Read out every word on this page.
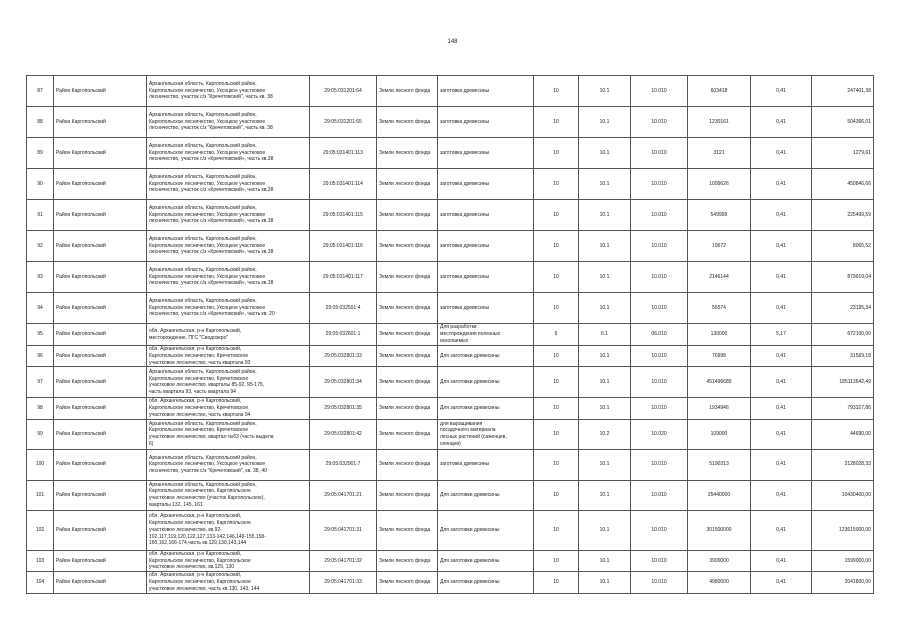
148
87	Район Каргопольский	Архангельская область, Каргопольский район,
Каргопольское лесничество, Уксоцкое участковое
лесничество, участок с/з "Кречетовский", часть кв. 38	29:05:031201:64	Земли лесного фонда	заготовка древесины	10	10.1	10.010	603418	0,41	247401,38
88	Район Каргопольский	Архангельская область, Каргопольский район,
Каргопольское лесничество, Уксоцкое участковое
лесничество, участок с/з "Кречетовский", часть кв. 38	29:05:031201:65	Земли лесного фонда	заготовка древесины	10	10.1	10.010	1230161	0,41	504366,01
89	Район Каргопольский	Архангельская область, Каргопольский район,
Каргопольское лесничество, Уксоцкое участковое
лесничество, участок с/з «Кречетовский», часть кв.38	29:05:031401:113	Земли лесного фонда	заготовка древесины	10	10.1	10.010	3121	0,41	1279,61
90	Район Каргопольский	Архангельская область, Каргопольский район,
Каргопольское лесничество, Уксоцкое участковое
лесничество, участок с/з «Кречетовский», часть кв.38	29:05:031401:114	Земли лесного фонда	заготовка древесины	10	10.1	10.010	1099626	0,41	450846,66
91	Район Каргопольский	Архангельская область, Каргопольский район,
Каргопольское лесничество, Уксоцкое участковое
лесничество, участок с/з «Кречетовский», часть кв.38	29:05:031401:115	Земли лесного фонда	заготовка древесины	10	10.1	10.010	549999	0,41	225499,59
92	Район Каргопольский	Архангельская область, Каргопольский район,
Каргопольское лесничество, Уксоцкое участковое
лесничество, участок с/з «Кречетовский», часть кв.38	29:05:031401:116	Земли лесного фонда	заготовка древесины	10	10.1	10.010	19672	0,41	8065,52
93	Район Каргопольский	Архангельская область, Каргопольский район,
Каргопольское лесничество, Уксоцкое участковое
лесничество, участок с/з «Кречетовский», часть кв.38	29:05:031401:117	Земли лесного фонда	заготовка древесины	10	10.1	10.010	2146144	0,41	879919,04
94	Район Каргопольский	Архангельская область, Каргопольский район,
Каргопольское лесничество, Уксоцкое участковое
лесничество, участок с/з «Кречетовский», часть кв. 20	29:05:032501:4	Земли лесного фонда	заготовка древесины	10	10.1	10.010	56574	0,41	23195,34
95	Район Каргопольский	обл. Архангельская, р-н Каргопольский,
месторождение, ПГС "Сводозеро"	29:05:032601:1	Земли лесного фонда	Для разработки
месторождения полезных
ископаемых	6	6.1	06.010	130000	5,17	672100,00
96	Район Каргопольский	обл. Архангельская, р-н Каргопольский,
Каргопольское лесничество, Кречетовское
участковое лесничество, часть квартала 93	29:05:032801:33	Земли лесного фонда	Для заготовки древесины	10	10.1	10.010	76998	0,41	31569,18
97	Район Каргопольский	Архангельская область, Каргопольский район,
Каргопольское лесничество, Кречетовское
участковое лесничество, кварталы 85-92, 95-175,
часть квартала 93, часть квартала 94	29:05:032801:34	Земли лесного фонда	Для заготовки древесины	10	10.1	10.010	451496689	0,41	185113642,49
98	Район Каргопольский	обл. Архангельская, р-н Каргопольский,
Каргопольское лесничество, Кречетовское
участковое лесничество, часть квартала 94	29:05:032801:35	Земли лесного фонда	Для заготовки древесины	10	10.1	10.010	1934946	0,41	793327,86
99	Район Каргопольский	Архангельская область, Каргопольский район,
Каргопольское лесничество, Кречетовское
участковое лесничество, квартал №63 (часть выдела
6)	29:05:032801:42	Земли лесного фонда	для выращивания
посадочного материала
лесных растений (саженцев,
сеянцев)	10	10.2	10.020	109000	0,41	44690,00
100	Район Каргопольский	Архангельская область, Каргопольский район,
Каргопольское лесничество, Уксоцкое участковое
лесничество, участок с/з "Кречетовский", кв. 38, 40	29:05:032901:7	Земли лесного фонда	заготовка древесины	10	10.1	10.010	5190313	0,41	2128028,33
101	Район Каргопольский	Архангельская область, Каргопольский район,
Каргопольское лесничество, Каргопольское
участковое лесничество (участок Каргопольское),
кварталы 132, 145, 161	29:05:041701:21	Земли лесного фонда	Для заготовки древесины	10	10.1	10.010	25440000	0,41	10430400,00
102	Район Каргопольский	обл. Архангельская, р-н Каргопольский,
Каргопольское лесничество, Каргопольское
участковое лесничество, кв.92-
102,117,119,120,122,127,133-142,146,149-155,158-
160,162,166-174,часть кв.129,130,143,144	29:05:041701:31	Земли лесного фонда	Для заготовки древесины	10	10.1	10.010	301500000	0,41	123615000,00
103	Район Каргопольский	обл. Архангельская, р-н Каргопольский,
Каргопольское лесничество, Каргопольское
участковое лесничество, кв.129, 130	29:05:041701:32	Земли лесного фонда	Для заготовки древесины	10	10.1	10.010	3900000	0,41	1599000,00
104	Район Каргопольский	обл. Архангельская, р-н Каргопольский,
Каргопольское лесничество, Каргопольское
участковое лесничество, часть кв.130, 143, 144	29:05:041701:33	Земли лесного фонда	Для заготовки древесины	10	10.1	10.010	4980000	0,41	2041800,00
